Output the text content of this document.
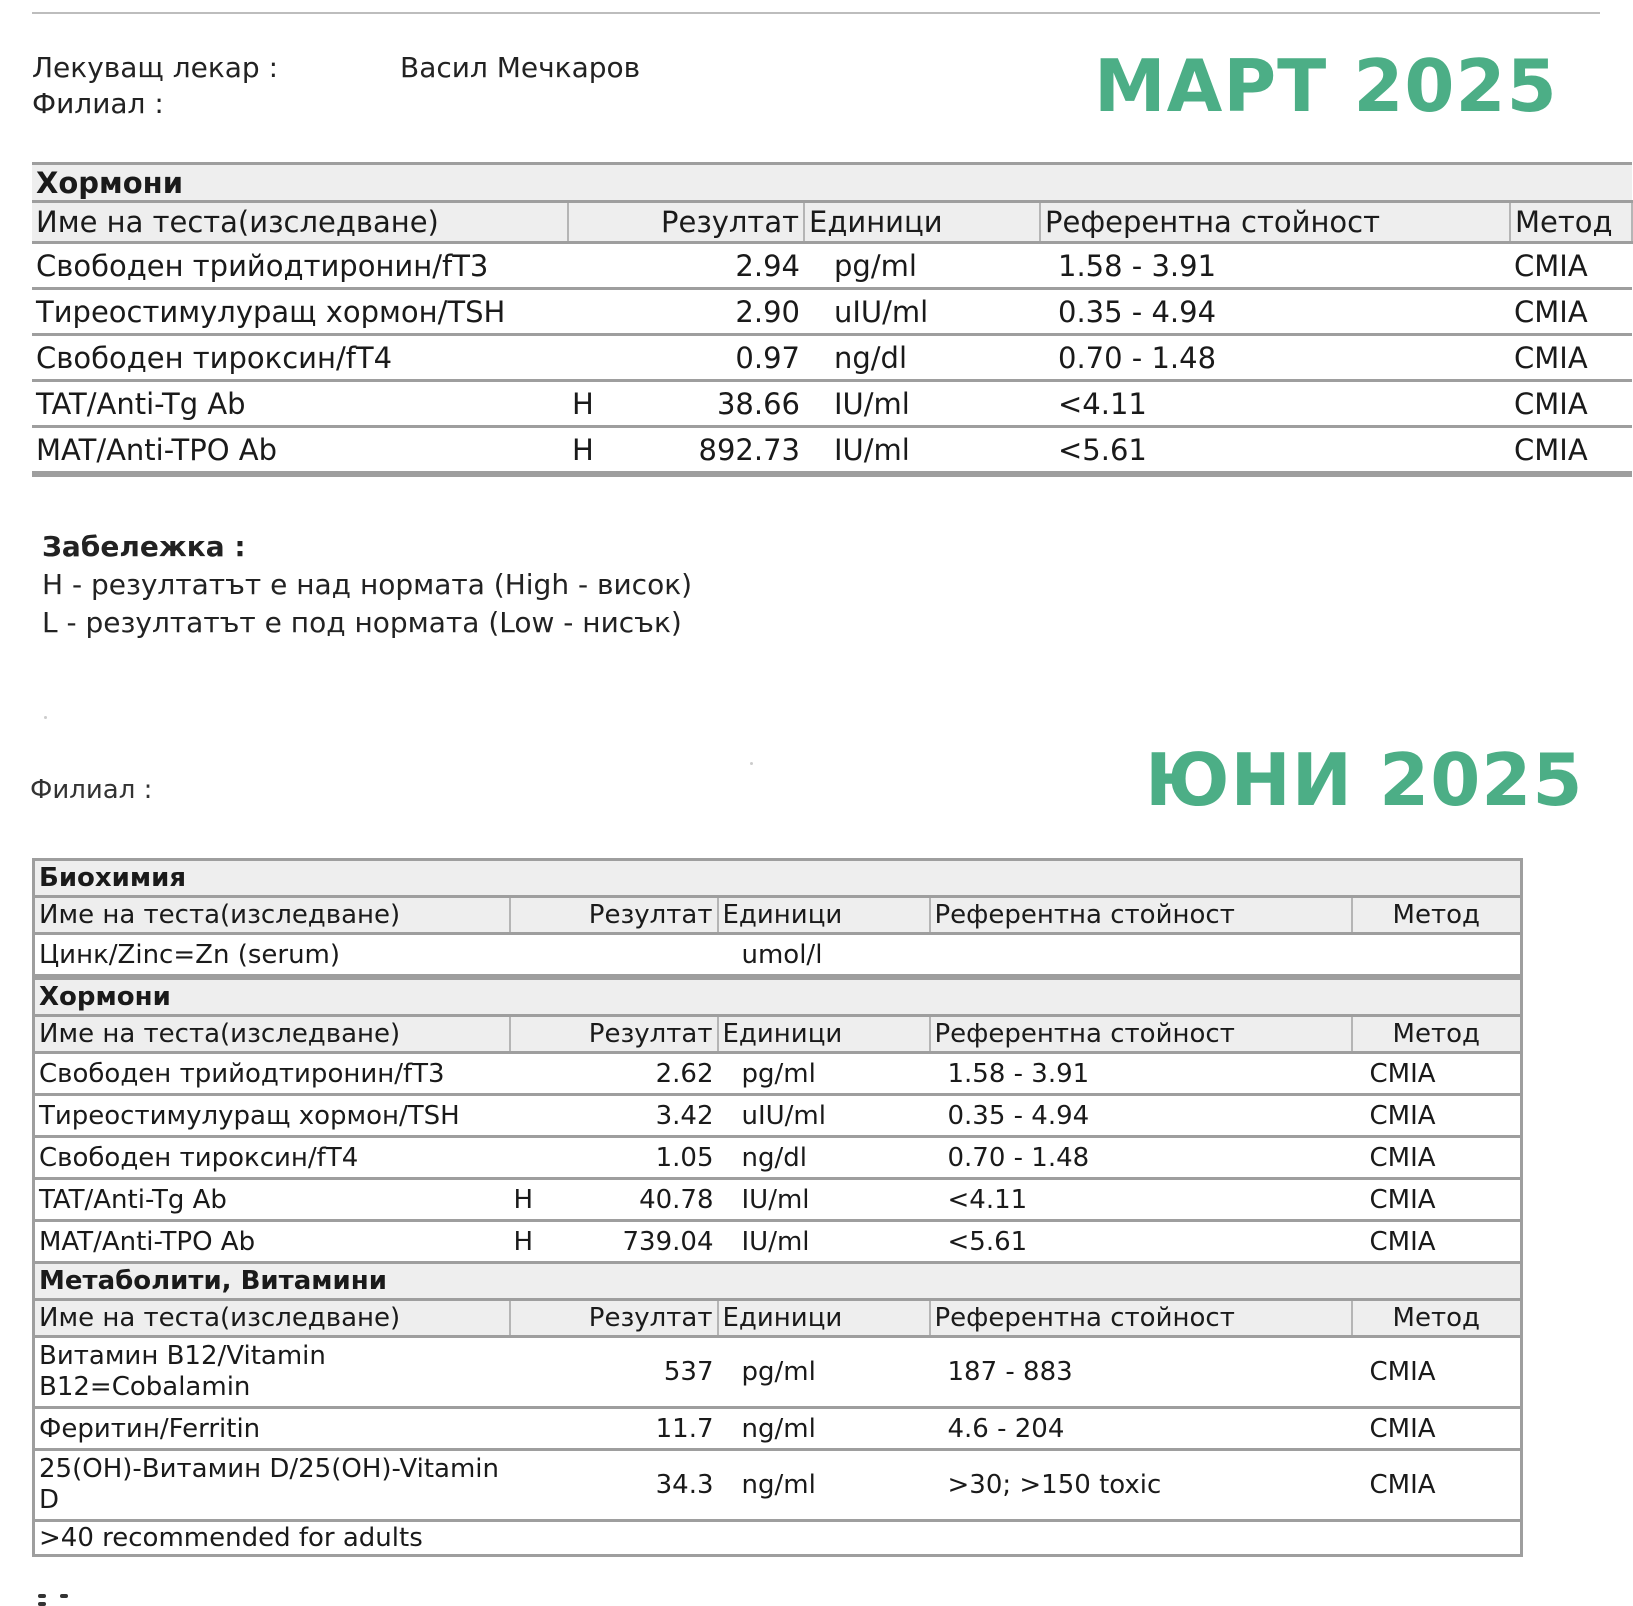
Лекуващ лекар :	Васил Мечкаров
Филиал :	МАРТ 2025
Хормони				
Име на теста(изследване)	Резултат	Единици	Референтна стойност	Метод
Свободен трийодтиронин/fT3	2.94	pg/ml	1.58 - 3.91	CMIA
Тиреостимулуращ хормон/TSH	2.90	uIU/ml	0.35 - 4.94	CMIA
Свободен тироксин/fT4	0.97	ng/dl	0.70 - 1.48	CMIA
TAT/Anti-Tg Ab	H 38.66	IU/ml	<4.11	CMIA
MAT/Anti-TPO Ab	H 892.73	IU/ml	<5.61	CMIA
Забележка :
H - резултатът е над нормата (High - висок)
L - резултатът е под нормата (Low - нисък)
ЮНИ 2025
Филиал :
Биохимия				
Име на теста(изследване)	Резултат	Единици	Референтна стойност	Метод
Цинк/Zinc=Zn (serum)		umol/l		
Хормони				
Име на теста(изследване)	Резултат	Единици	Референтна стойност	Метод
Свободен трийодтиронин/fT3	2.62	pg/ml	1.58 - 3.91	CMIA
Тиреостимулуращ хормон/TSH	3.42	uIU/ml	0.35 - 4.94	CMIA
Свободен тироксин/fT4	1.05	ng/dl	0.70 - 1.48	CMIA
TAT/Anti-Tg Ab	H 40.78	IU/ml	<4.11	CMIA
MAT/Anti-TPO Ab	H 739.04	IU/ml	<5.61	CMIA
Метаболити, Витамини				
Име на теста(изследване)	Резултат	Единици	Референтна стойност	Метод
Витамин B12/Vitamin B12=Cobalamin	537	pg/ml	187 - 883	CMIA
Феритин/Ferritin	11.7	ng/ml	4.6 - 204	CMIA
25(OH)-Витамин D/25(OH)-Vitamin D	34.3	ng/ml	>30; >150 toxic	CMIA
>40 recommended for adults				
